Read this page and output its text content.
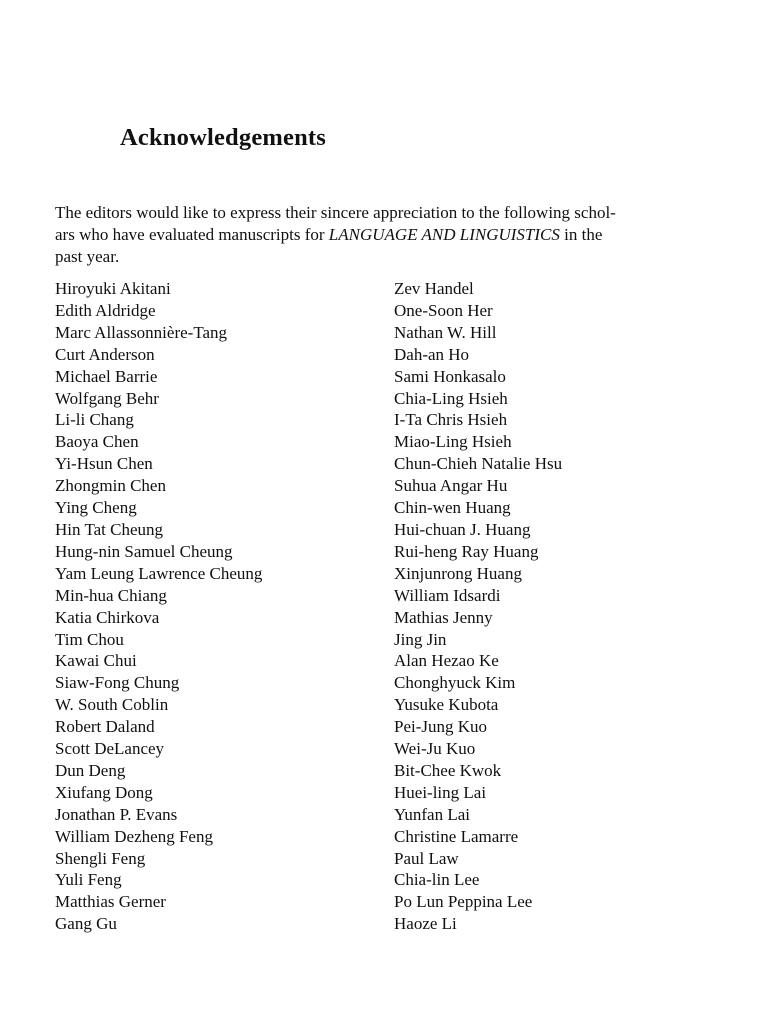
Acknowledgements

The editors would like to express their sincere appreciation to the following schol-
ars who have evaluated manuscripts for LANGUAGE AND LINGUISTICS in the
past year.

Hiroyuki Akitani
Edith Aldridge
Marc Allassonnière-Tang
Curt Anderson
Michael Barrie
Wolfgang Behr
Li-li Chang
Baoya Chen
Yi-Hsun Chen
Zhongmin Chen
Ying Cheng
Hin Tat Cheung
Hung-nin Samuel Cheung
Yam Leung Lawrence Cheung
Min-hua Chiang
Katia Chirkova
Tim Chou
Kawai Chui
Siaw-Fong Chung
W. South Coblin
Robert Daland
Scott DeLancey
Dun Deng
Xiufang Dong
Jonathan P. Evans
William Dezheng Feng
Shengli Feng
Yuli Feng
Matthias Gerner
Gang Gu
Zev Handel
One-Soon Her
Nathan W. Hill
Dah-an Ho
Sami Honkasalo
Chia-Ling Hsieh
I-Ta Chris Hsieh
Miao-Ling Hsieh
Chun-Chieh Natalie Hsu
Suhua Angar Hu
Chin-wen Huang
Hui-chuan J. Huang
Rui-heng Ray Huang
Xinjunrong Huang
William Idsardi
Mathias Jenny
Jing Jin
Alan Hezao Ke
Chonghyuck Kim
Yusuke Kubota
Pei-Jung Kuo
Wei-Ju Kuo
Bit-Chee Kwok
Huei-ling Lai
Yunfan Lai
Christine Lamarre
Paul Law
Chia-lin Lee
Po Lun Peppina Lee
Haoze Li
